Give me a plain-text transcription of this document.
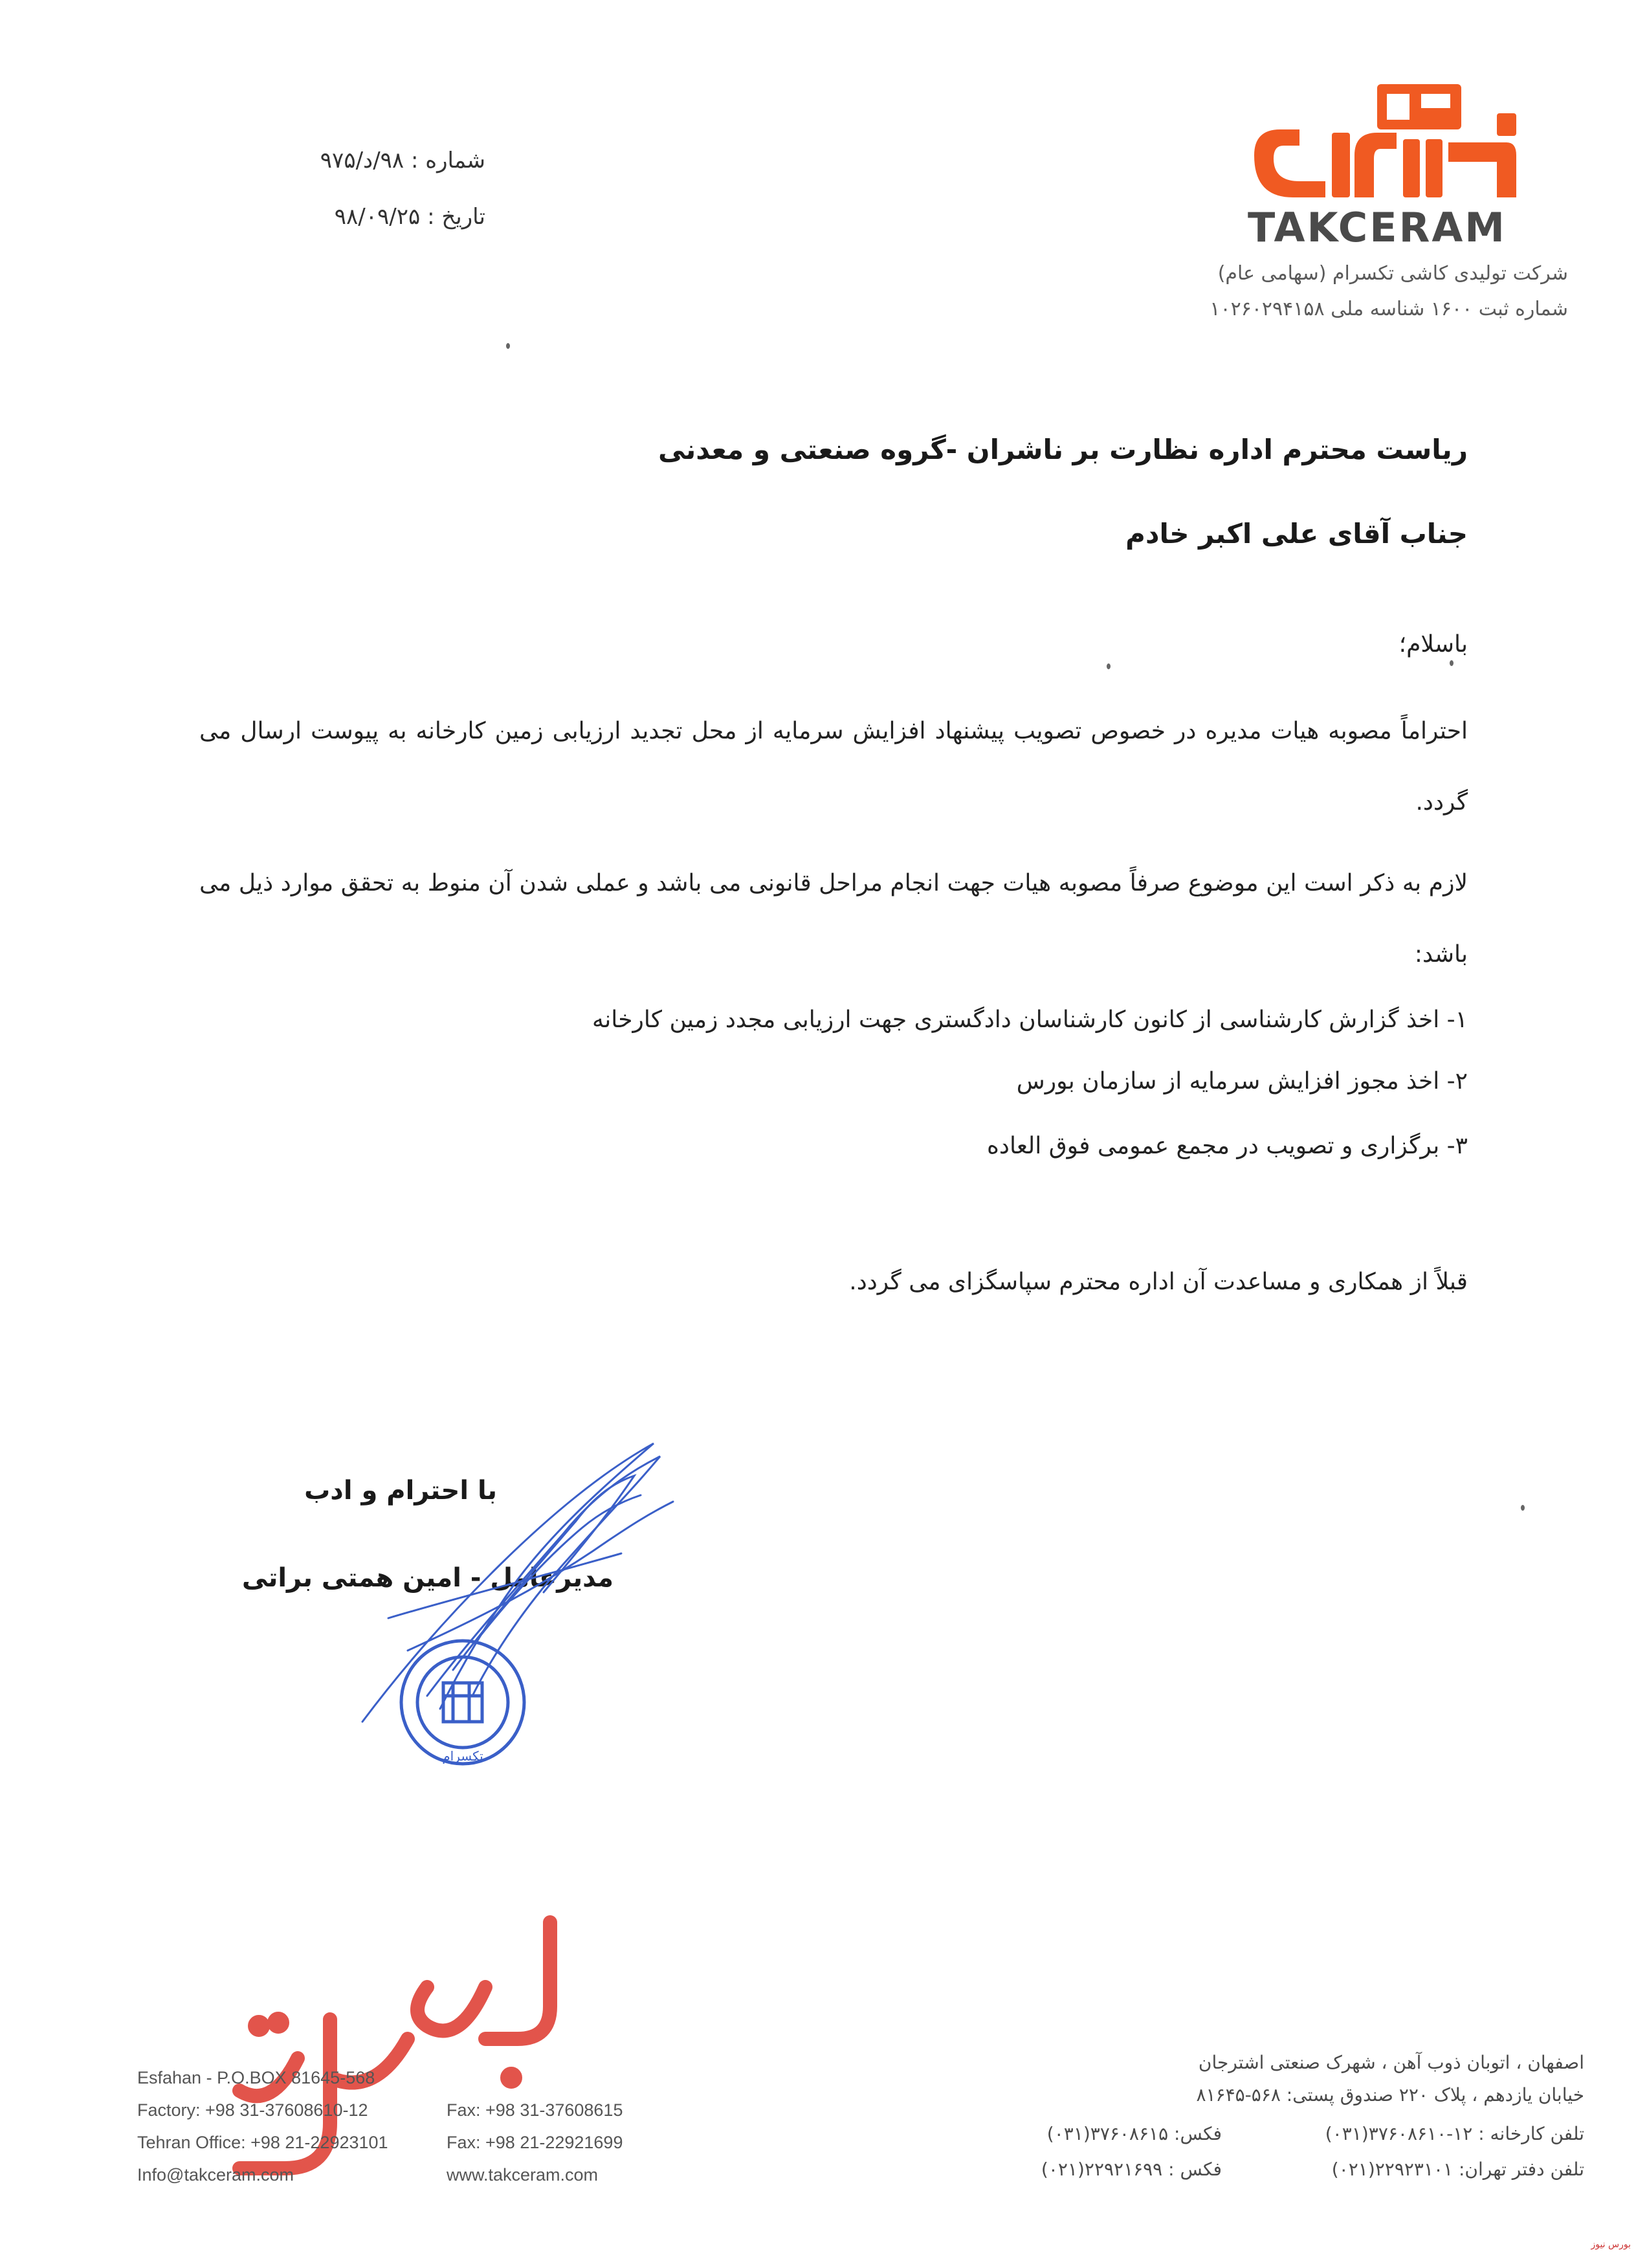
شماره : ۹۸/د/۹۷۵
تاریخ : ۹۸/۰۹/۲۵	TAKCERAM
شرکت تولیدی کاشی تکسرام (سهامی عام)
شماره ثبت ۱۶۰۰ شناسه ملی ۱۰۲۶۰۲۹۴۱۵۸
ریاست محترم اداره نظارت بر ناشران -گروه صنعتی و معدنی
جناب آقای علی اکبر خادم
باسلام؛
احتراماً مصوبه هیات مدیره در خصوص تصویب پیشنهاد افزایش سرمایه از محل تجدید ارزیابی زمین کارخانه به پیوست ارسال می گردد.
لازم به ذکر است این موضوع صرفاً مصوبه هیات جهت انجام مراحل قانونی می باشد و عملی شدن آن منوط به تحقق موارد ذیل می باشد:
۱- اخذ گزارش کارشناسی از کانون کارشناسان دادگستری جهت ارزیابی مجدد زمین کارخانه
۲- اخذ مجوز افزایش سرمایه از سازمان بورس
۳- برگزاری و تصویب در مجمع عمومی فوق العاده
قبلاً از همکاری و مساعدت آن اداره محترم سپاسگزای می گردد.
با احترام و ادب
مدیرعامل - امین همتی براتی
تکسرام
Esfahan - P.O.BOX 81645-568
Factory: +98 31-37608610-12
Tehran Office: +98 21-22923101
Info@takceram.com
Fax: +98 31-37608615
Fax: +98 21-22921699
www.takceram.com
اصفهان ، اتوبان ذوب آهن ، شهرک صنعتی اشترجان
خیابان یازدهم ، پلاک ۲۲۰ صندوق پستی: ۵۶۸-۸۱۶۴۵
تلفن کارخانه : ۱۲-۳۷۶۰۸۶۱۰(۰۳۱)
فکس: ۳۷۶۰۸۶۱۵(۰۳۱)
تلفن دفتر تهران: ۲۲۹۲۳۱۰۱(۰۲۱)
فکس : ۲۲۹۲۱۶۹۹(۰۲۱)
بورس نیوز
